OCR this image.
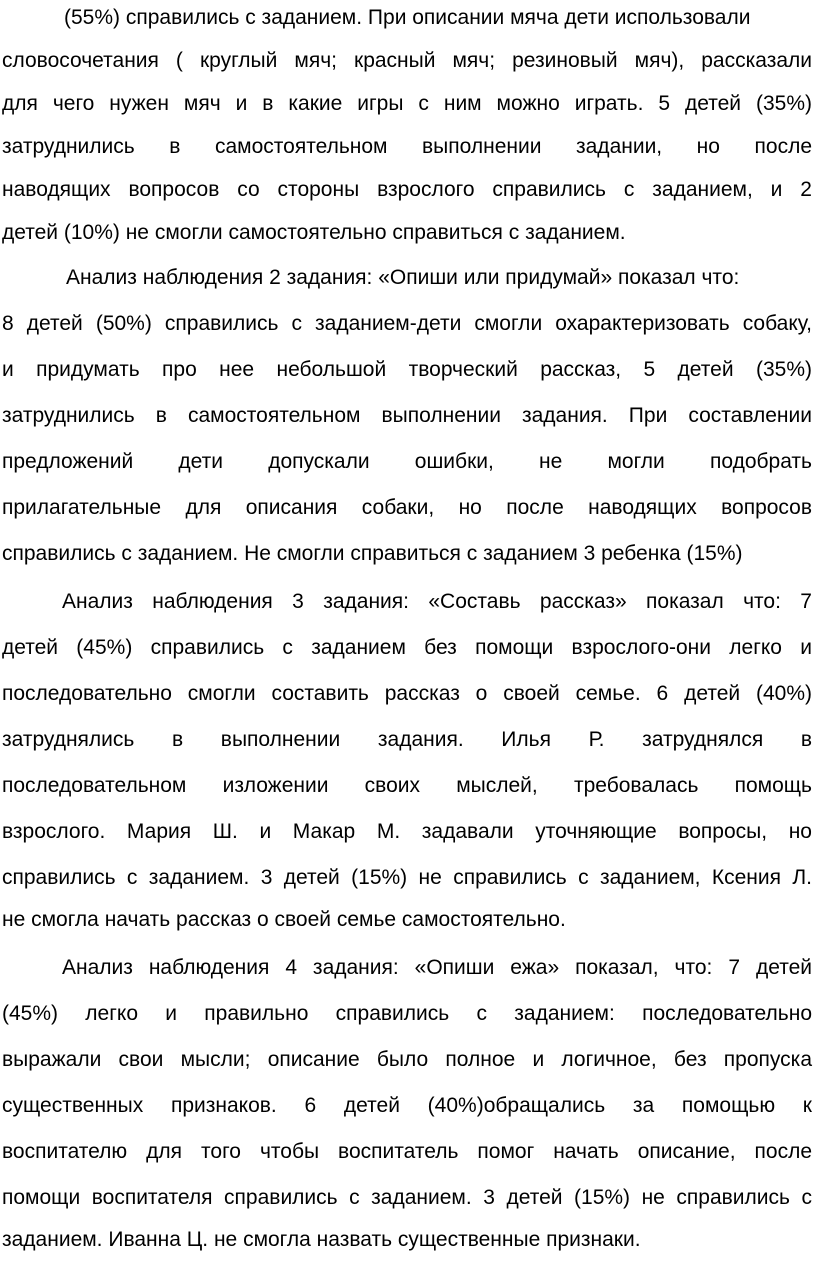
(55%) справились с заданием. При описании мяча дети использовали
словосочетания ( круглый мяч; красный мяч; резиновый мяч), рассказали
для чего нужен мяч и в какие игры с ним можно играть. 5 детей (35%)
затруднились в самостоятельном выполнении задании, но после
наводящих вопросов со стороны взрослого справились с заданием, и 2
детей (10%) не смогли самостоятельно справиться с заданием.
Анализ наблюдения 2 задания: «Опиши или придумай» показал что:
8 детей (50%) справились с заданием-дети смогли охарактеризовать собаку,
и придумать про нее небольшой творческий рассказ, 5 детей (35%)
затруднились в самостоятельном выполнении задания. При составлении
предложений дети допускали ошибки, не могли подобрать
прилагательные для описания собаки, но после наводящих вопросов
справились с заданием. Не смогли справиться с заданием 3 ребенка (15%)
Анализ наблюдения 3 задания: «Составь рассказ» показал что: 7
детей (45%) справились с заданием без помощи взрослого-они легко и
последовательно смогли составить рассказ о своей семье. 6 детей (40%)
затруднялись в выполнении задания. Илья Р. затруднялся в
последовательном изложении своих мыслей, требовалась помощь
взрослого. Мария Ш. и Макар М. задавали уточняющие вопросы, но
справились с заданием. 3 детей (15%) не справились с заданием, Ксения Л.
не смогла начать рассказ о своей семье самостоятельно.
Анализ наблюдения 4 задания: «Опиши ежа» показал, что: 7 детей
(45%) легко и правильно справились с заданием: последовательно
выражали свои мысли; описание было полное и логичное, без пропуска
существенных признаков. 6 детей (40%)обращались за помощью к
воспитателю для того чтобы воспитатель помог начать описание, после
помощи воспитателя справились с заданием. 3 детей (15%) не справились с
заданием. Иванна Ц. не смогла назвать существенные признаки.
